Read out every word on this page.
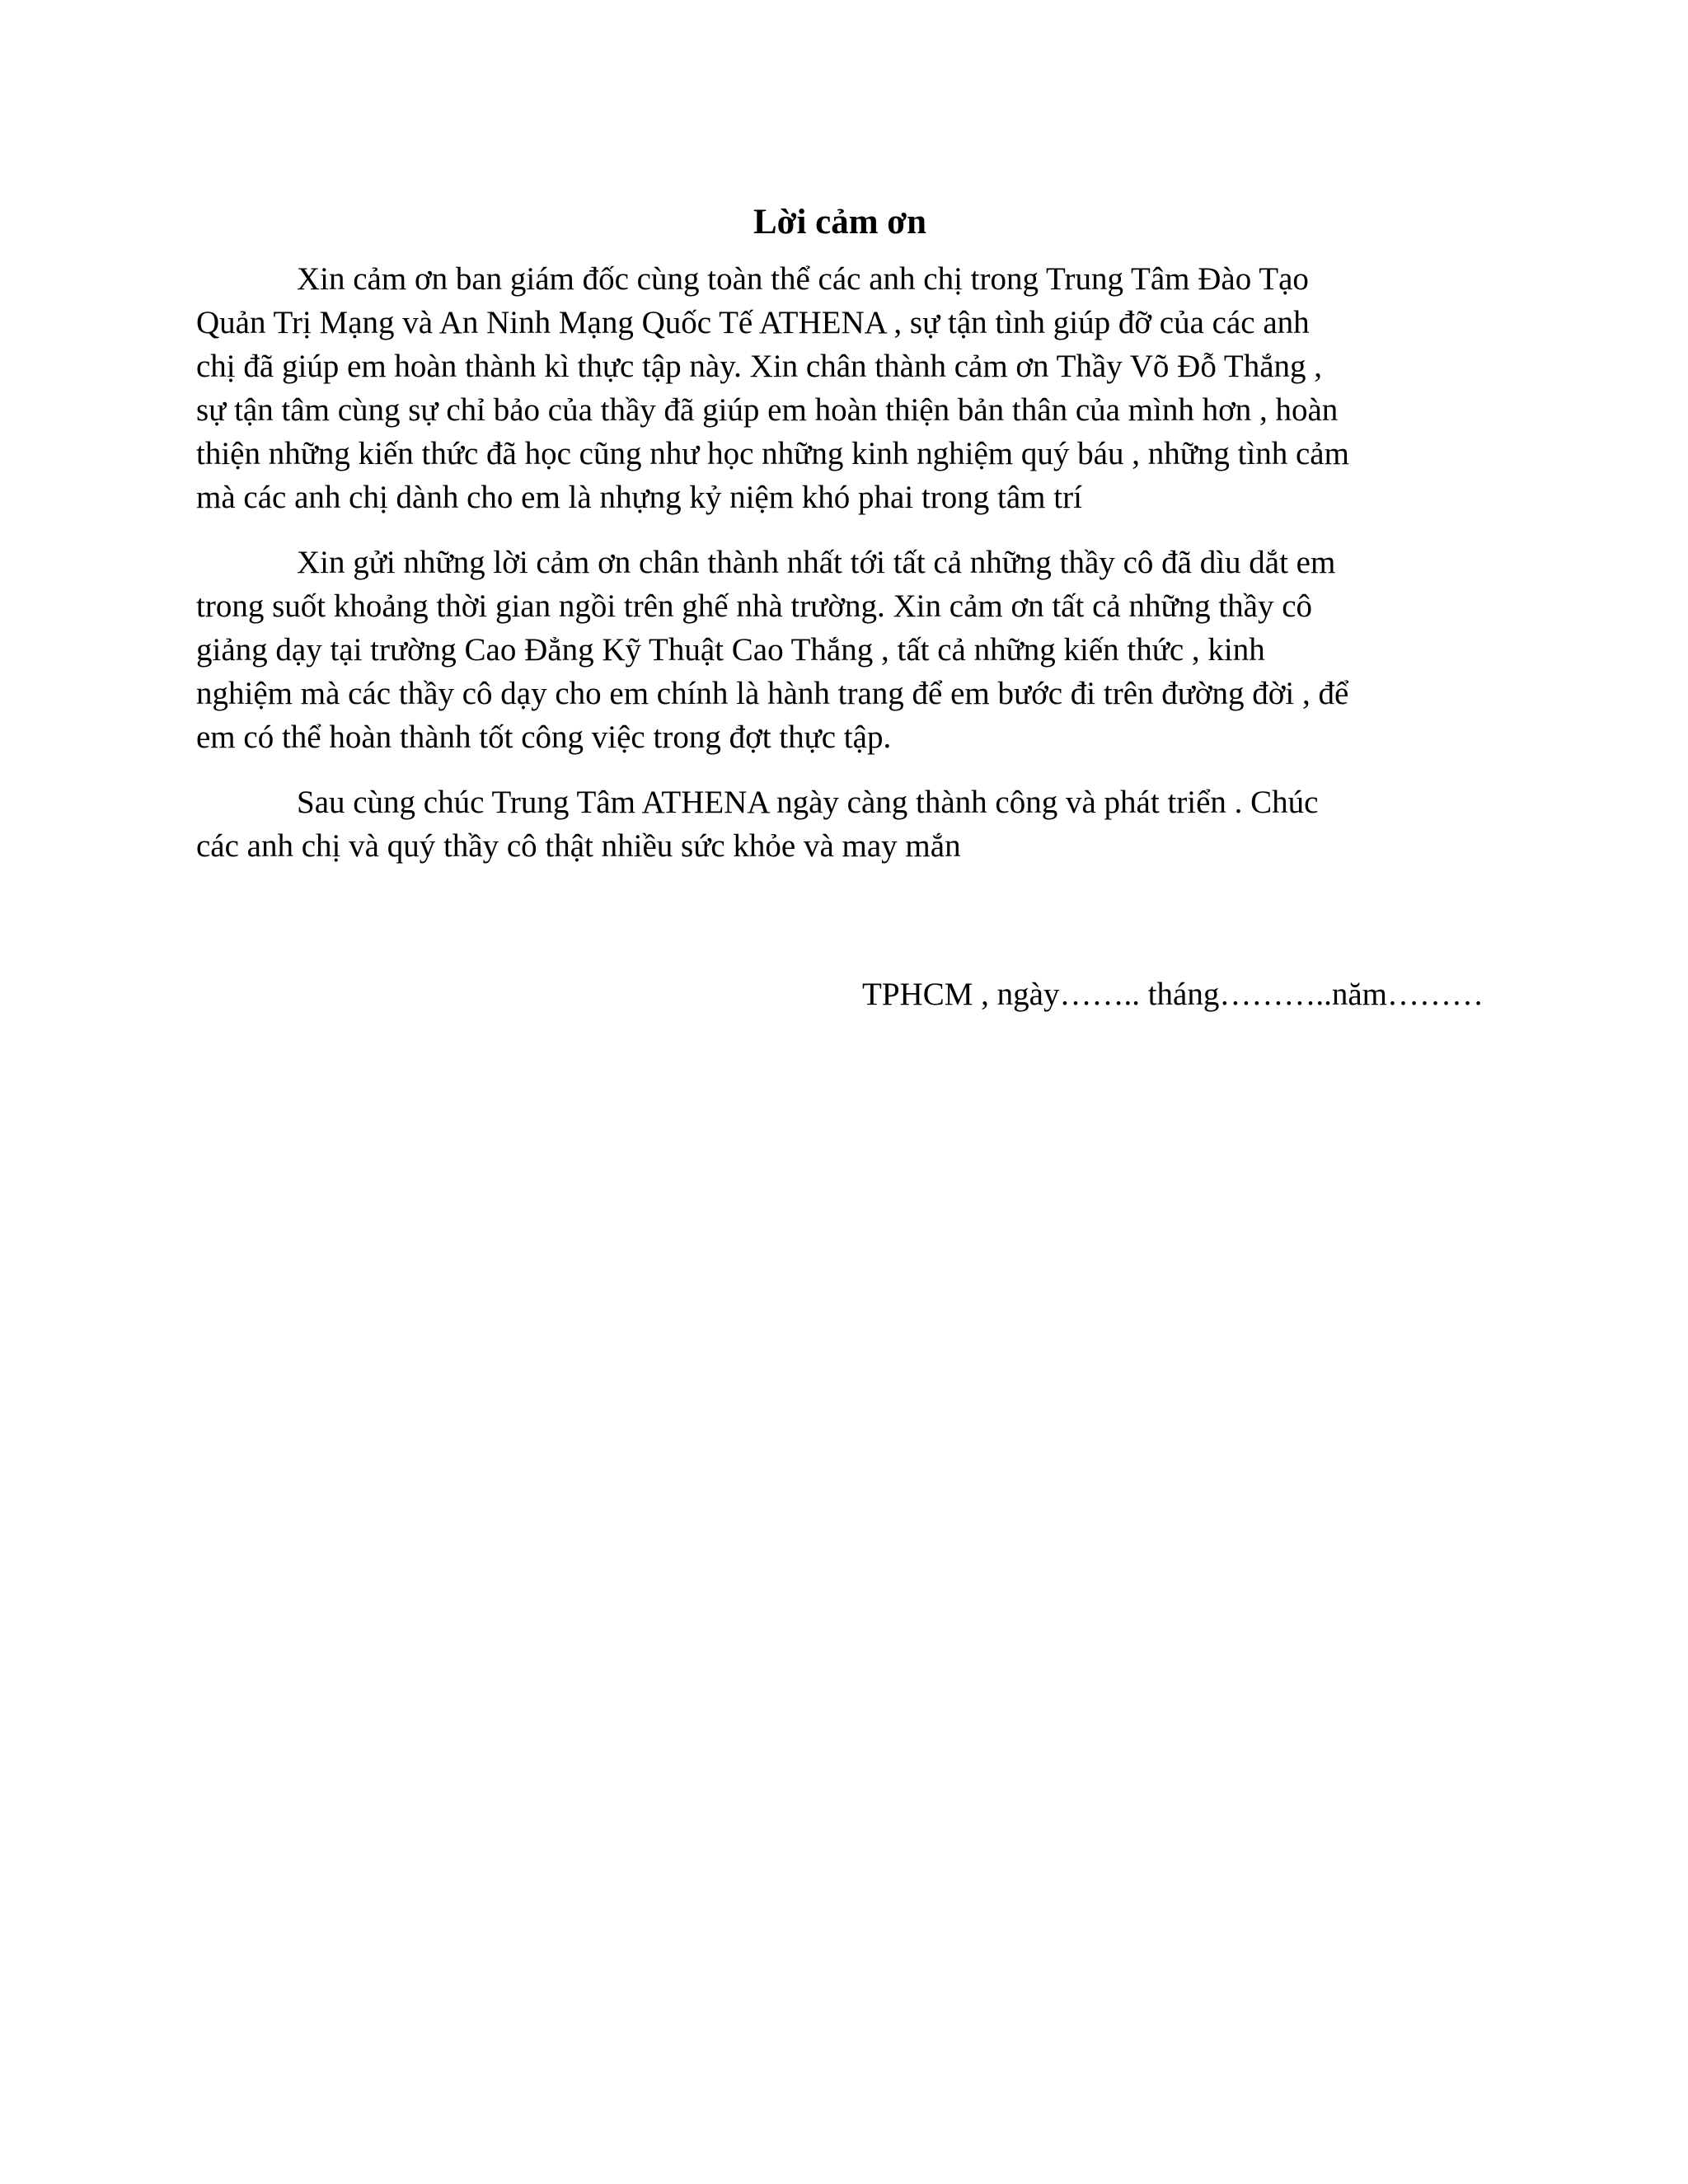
Lời cảm ơn

Xin cảm ơn ban giám đốc cùng toàn thể các anh chị trong Trung Tâm Đào Tạo
Quản Trị Mạng và An Ninh Mạng Quốc Tế ATHENA , sự tận tình giúp đỡ của các anh
chị đã giúp em hoàn thành kì thực tập này. Xin chân thành cảm ơn Thầy Võ Đỗ Thắng ,
sự tận tâm cùng sự chỉ bảo của thầy đã giúp em hoàn thiện bản thân của mình hơn , hoàn
thiện những kiến thức đã học cũng như học những kinh nghiệm quý báu , những tình cảm
mà các anh chị dành cho em là nhựng kỷ niệm khó phai trong tâm trí

Xin gửi những lời cảm ơn chân thành nhất tới tất cả những thầy cô đã dìu dắt em
trong suốt khoảng thời gian ngồi trên ghế nhà trường. Xin cảm ơn tất cả những thầy cô
giảng dạy tại trường Cao Đẳng Kỹ Thuật Cao Thắng , tất cả những kiến thức , kinh
nghiệm mà các thầy cô dạy cho em chính là hành trang để em bước đi trên đường đời , để
em có thể hoàn thành tốt công việc trong đợt thực tập.

Sau cùng chúc Trung Tâm ATHENA ngày càng thành công và phát triển . Chúc
các anh chị và quý thầy cô thật nhiều sức khỏe và may mắn

TPHCM , ngày…….. tháng………..năm………
